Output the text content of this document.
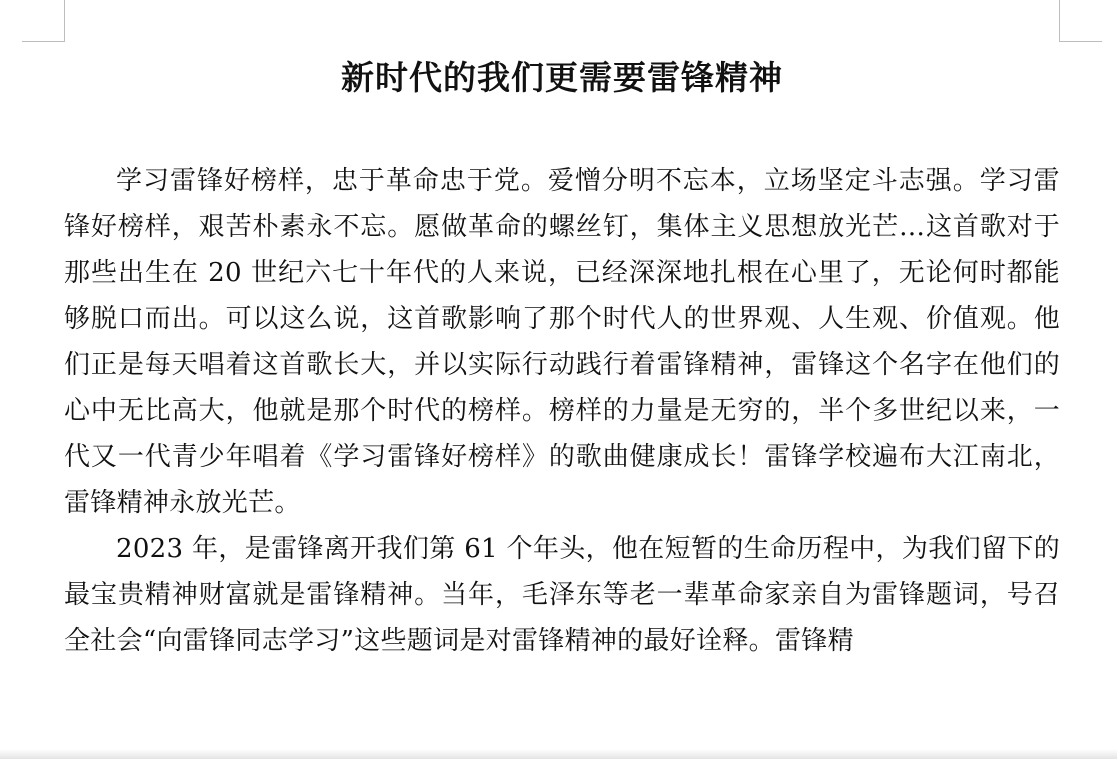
新时代的我们更需要雷锋精神

学习雷锋好榜样，忠于革命忠于党。爱憎分明不忘本，立场坚定斗志强。学习雷锋好榜样，艰苦朴素永不忘。愿做革命的螺丝钉，集体主义思想放光芒…这首歌对于那些出生在 20 世纪六七十年代的人来说，已经深深地扎根在心里了，无论何时都能够脱口而出。可以这么说，这首歌影响了那个时代人的世界观、人生观、价值观。他们正是每天唱着这首歌长大，并以实际行动践行着雷锋精神，雷锋这个名字在他们的心中无比高大，他就是那个时代的榜样。榜样的力量是无穷的，半个多世纪以来，一代又一代青少年唱着《学习雷锋好榜样》的歌曲健康成长！雷锋学校遍布大江南北，雷锋精神永放光芒。

2023 年，是雷锋离开我们第 61 个年头，他在短暂的生命历程中，为我们留下的最宝贵精神财富就是雷锋精神。当年，毛泽东等老一辈革命家亲自为雷锋题词，号召全社会“向雷锋同志学习”这些题词是对雷锋精神的最好诠释。雷锋精
